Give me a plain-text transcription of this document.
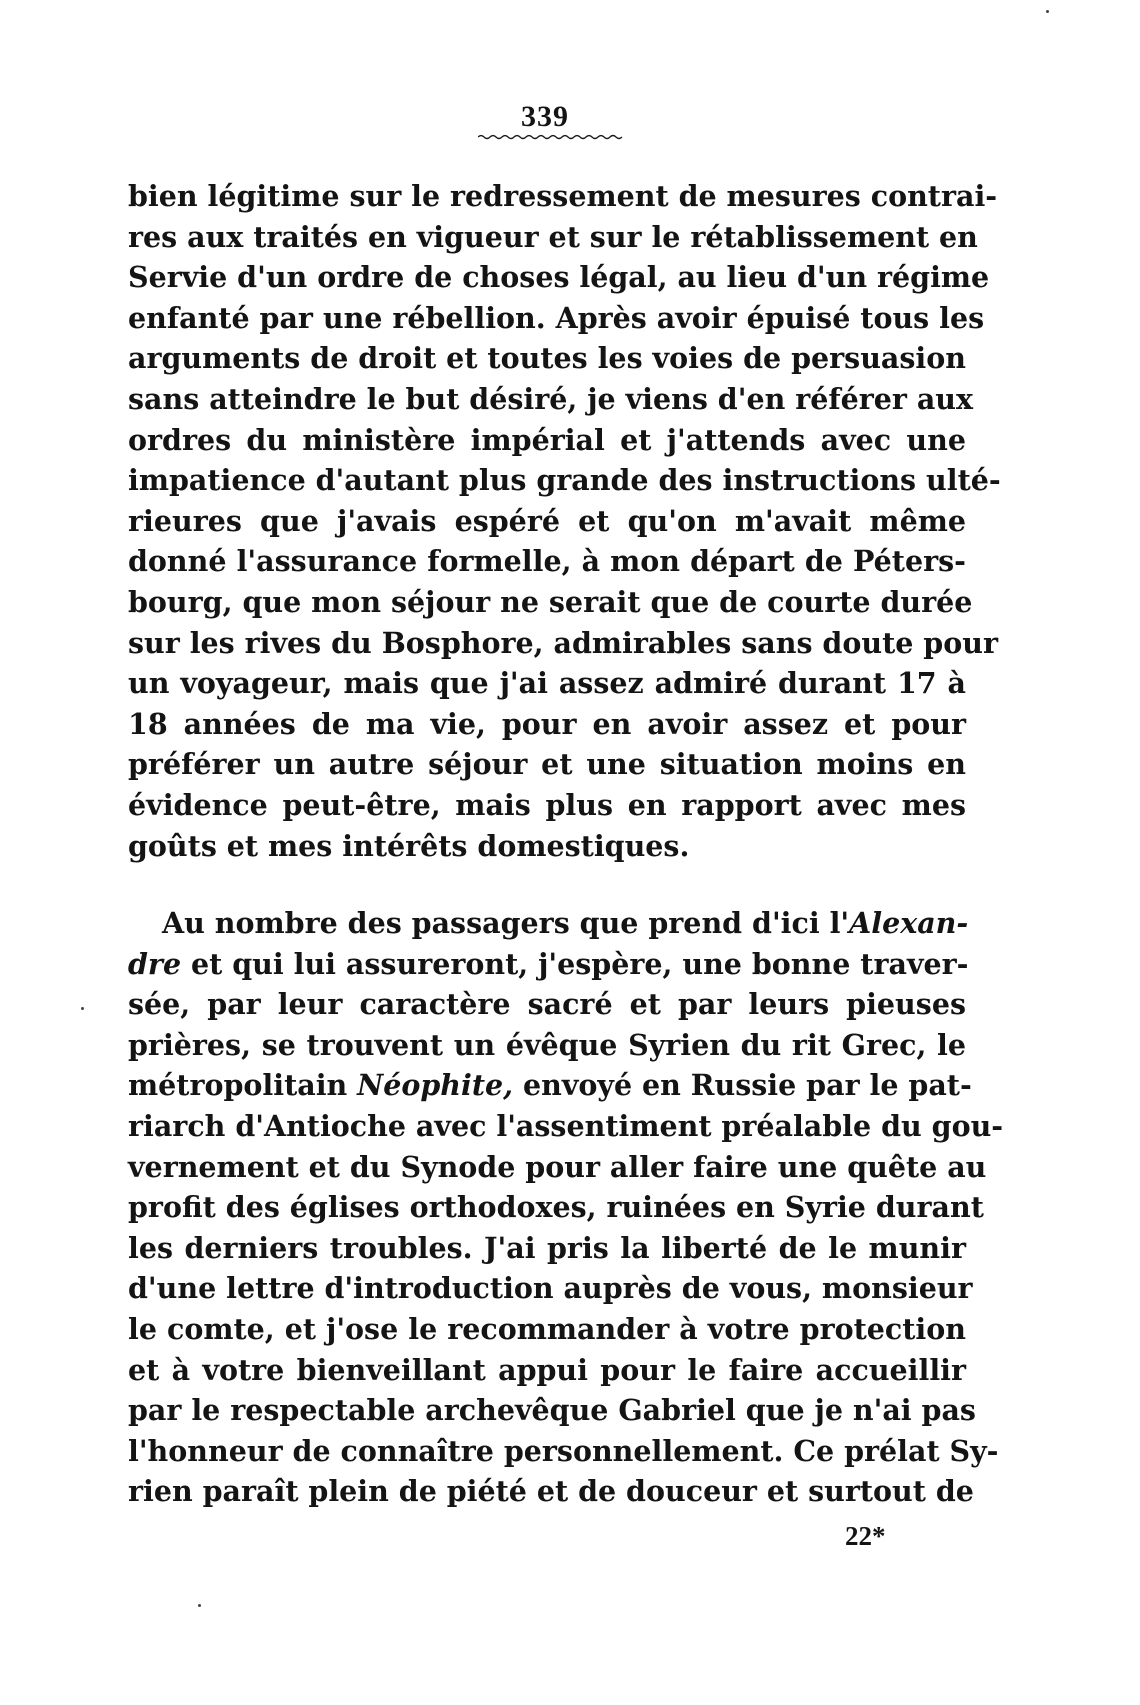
339

bien légitime sur le redressement de mesures contrai-
res aux traités en vigueur et sur le rétablissement en
Servie d'un ordre de choses légal, au lieu d'un régime
enfanté par une rébellion. Après avoir épuisé tous les
arguments de droit et toutes les voies de persuasion
sans atteindre le but désiré, je viens d'en référer aux
ordres du ministère impérial et j'attends avec une
impatience d'autant plus grande des instructions ulté-
rieures que j'avais espéré et qu'on m'avait même
donné l'assurance formelle, à mon départ de Péters-
bourg, que mon séjour ne serait que de courte durée
sur les rives du Bosphore, admirables sans doute pour
un voyageur, mais que j'ai assez admiré durant 17 à
18 années de ma vie, pour en avoir assez et pour
préférer un autre séjour et une situation moins en
évidence peut-être, mais plus en rapport avec mes
goûts et mes intérêts domestiques.
Au nombre des passagers que prend d'ici l'Alexan-
dre et qui lui assureront, j'espère, une bonne traver-
sée, par leur caractère sacré et par leurs pieuses
prières, se trouvent un évêque Syrien du rit Grec, le
métropolitain Néophite, envoyé en Russie par le pat-
riarch d'Antioche avec l'assentiment préalable du gou-
vernement et du Synode pour aller faire une quête au
profit des églises orthodoxes, ruinées en Syrie durant
les derniers troubles. J'ai pris la liberté de le munir
d'une lettre d'introduction auprès de vous, monsieur
le comte, et j'ose le recommander à votre protection
et à votre bienveillant appui pour le faire accueillir
par le respectable archevêque Gabriel que je n'ai pas
l'honneur de connaître personnellement. Ce prélat Sy-
rien paraît plein de piété et de douceur et surtout de

22*
